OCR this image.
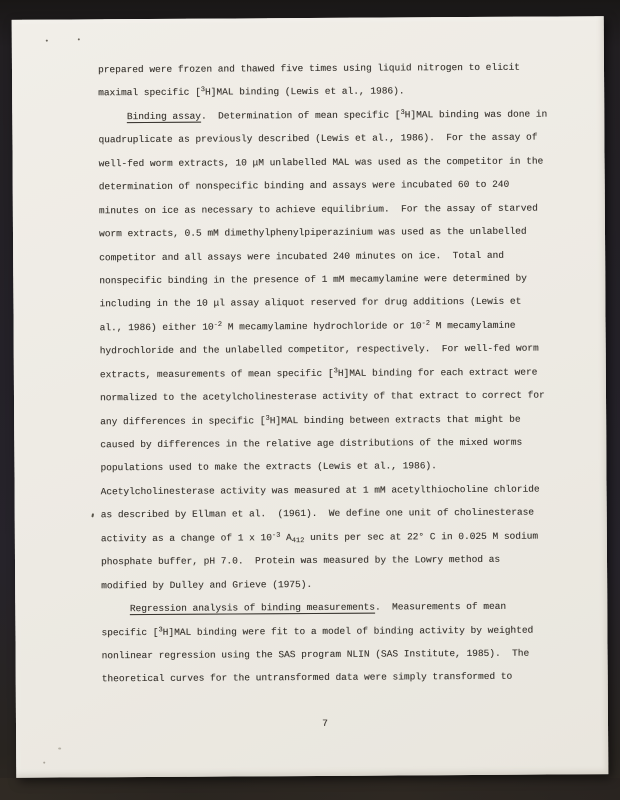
prepared were frozen and thawed five times using liquid nitrogen to elicit
maximal specific [$^3$H]MAL binding (Lewis et al., 1986).
Binding assay.  Determination of mean specific [$^3$H]MAL binding was done in
quadruplicate as previously described (Lewis et al., 1986).  For the assay of
well-fed worm extracts, 10 μM unlabelled MAL was used as the competitor in the
determination of nonspecific binding and assays were incubated 60 to 240
minutes on ice as necessary to achieve equilibrium.  For the assay of starved
worm extracts, 0.5 mM dimethylphenylpiperazinium was used as the unlabelled
competitor and all assays were incubated 240 minutes on ice.  Total and
nonspecific binding in the presence of 1 mM mecamylamine were determined by
including in the 10 μl assay aliquot reserved for drug additions (Lewis et
al., 1986) either $10^{-2}$ M mecamylamine hydrochloride or $10^{-2}$ M mecamylamine
hydrochloride and the unlabelled competitor, respectively.  For well-fed worm
extracts, measurements of mean specific [$^3$H]MAL binding for each extract were
normalized to the acetylcholinesterase activity of that extract to correct for
any differences in specific [$^3$H]MAL binding between extracts that might be
caused by differences in the relative age distributions of the mixed worms
populations used to make the extracts (Lewis et al., 1986).
Acetylcholinesterase activity was measured at 1 mM acetylthiocholine chloride
as described by Ellman et al.  (1961).  We define one unit of cholinesterase
activity as a change of 1 x $10^{-3}$ $A_{412}$ units per sec at 22° C in 0.025 M sodium
phosphate buffer, pH 7.0.  Protein was measured by the Lowry method as
modified by Dulley and Grieve (1975).
Regression analysis of binding measurements.  Measurements of mean
specific [$^3$H]MAL binding were fit to a model of binding activity by weighted
nonlinear regression using the SAS program NLIN (SAS Institute, 1985).  The
theoretical curves for the untransformed data were simply transformed to
7
